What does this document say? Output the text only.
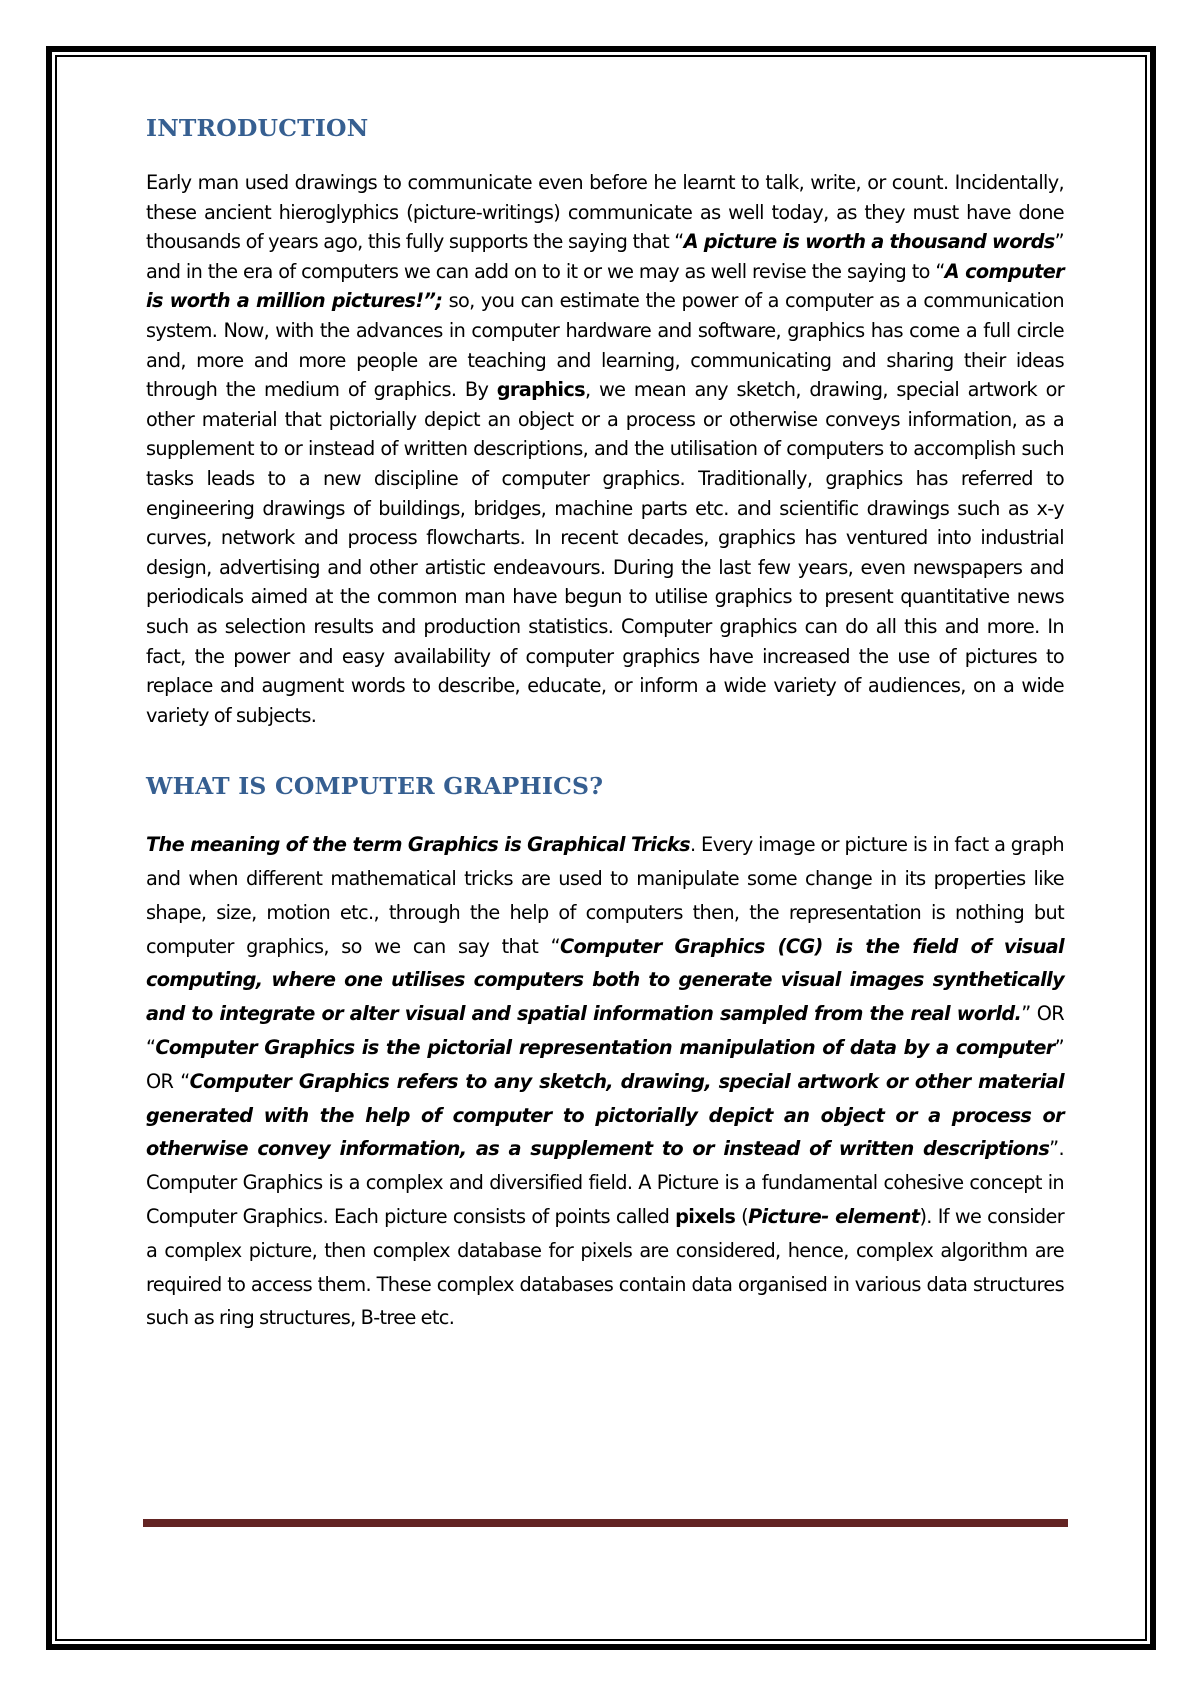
INTRODUCTION

Early man used drawings to communicate even before he learnt to talk, write, or count. Incidentally, these ancient hieroglyphics (picture-writings) communicate as well today, as they must have done thousands of years ago, this fully supports the saying that “A picture is worth a thousand words” and in the era of computers we can add on to it or we may as well revise the saying to “A computer is worth a million pictures!”; so, you can estimate the power of a computer as a communication system. Now, with the advances in computer hardware and software, graphics has come a full circle and, more and more people are teaching and learning, communicating and sharing their ideas through the medium of graphics. By graphics, we mean any sketch, drawing, special artwork or other material that pictorially depict an object or a process or otherwise conveys information, as a supplement to or instead of written descriptions, and the utilisation of computers to accomplish such tasks leads to a new discipline of computer graphics. Traditionally, graphics has referred to engineering drawings of buildings, bridges, machine parts etc. and scientific drawings such as x-y curves, network and process flowcharts. In recent decades, graphics has ventured into industrial design, advertising and other artistic endeavours. During the last few years, even newspapers and periodicals aimed at the common man have begun to utilise graphics to present quantitative news such as selection results and production statistics. Computer graphics can do all this and more. In fact, the power and easy availability of computer graphics have increased the use of pictures to replace and augment words to describe, educate, or inform a wide variety of audiences, on a wide variety of subjects.

WHAT IS COMPUTER GRAPHICS?

The meaning of the term Graphics is Graphical Tricks. Every image or picture is in fact a graph and when different mathematical tricks are used to manipulate some change in its properties like shape, size, motion etc., through the help of computers then, the representation is nothing but computer graphics, so we can say that “Computer Graphics (CG) is the field of visual computing, where one utilises computers both to generate visual images synthetically and to integrate or alter visual and spatial information sampled from the real world.” OR “Computer Graphics is the pictorial representation manipulation of data by a computer” OR “Computer Graphics refers to any sketch, drawing, special artwork or other material generated with the help of computer to pictorially depict an object or a process or otherwise convey information, as a supplement to or instead of written descriptions”. Computer Graphics is a complex and diversified field. A Picture is a fundamental cohesive concept in Computer Graphics. Each picture consists of points called pixels (Picture- element). If we consider a complex picture, then complex database for pixels are considered, hence, complex algorithm are required to access them. These complex databases contain data organised in various data structures such as ring structures, B-tree etc.
